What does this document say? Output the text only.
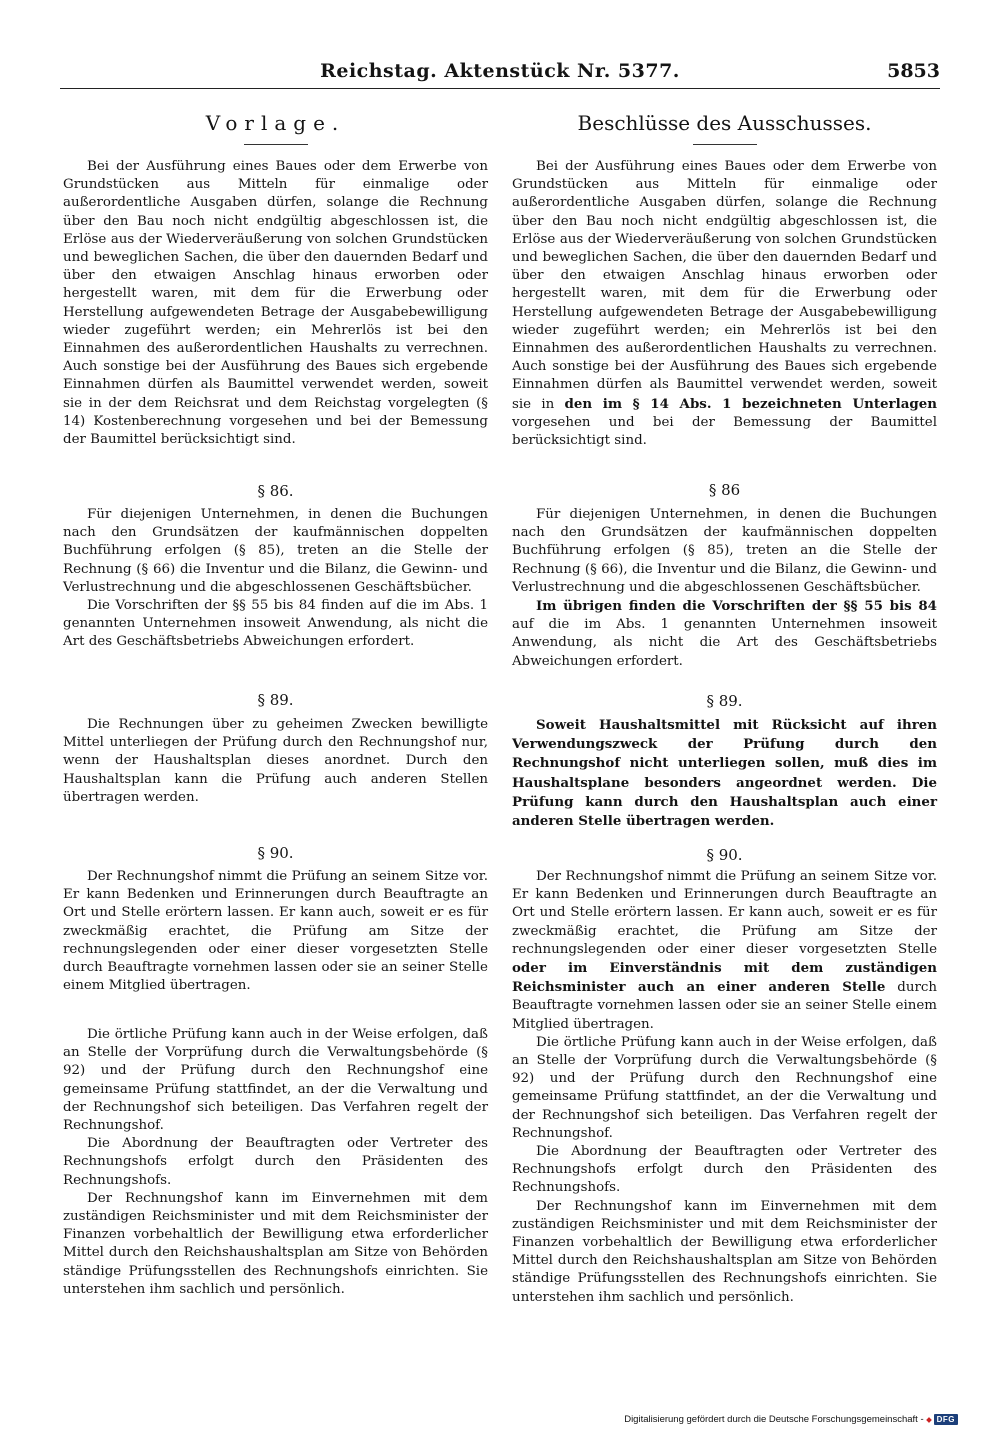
Reichstag. Aktenstück Nr. 5377.	5853
Vorlage.

Bei der Ausführung eines Baues oder dem Erwerbe von Grundstücken aus Mitteln für einmalige oder außerordentliche Ausgaben dürfen, solange die Rechnung über den Bau noch nicht endgültig abgeschlossen ist, die Erlöse aus der Wiederveräußerung von solchen Grundstücken und beweglichen Sachen, die über den dauernden Bedarf und über den etwaigen Anschlag hinaus erworben oder hergestellt waren, mit dem für die Erwerbung oder Herstellung aufgewendeten Betrage der Ausgabebewilligung wieder zugeführt werden; ein Mehrerlös ist bei den Einnahmen des außerordentlichen Haushalts zu verrechnen. Auch sonstige bei der Ausführung des Baues sich ergebende Einnahmen dürfen als Baumittel verwendet werden, soweit sie in der dem Reichsrat und dem Reichstag vorgelegten (§ 14) Kostenberechnung vorgesehen und bei der Bemessung der Baumittel berücksichtigt sind.

§ 86.

Für diejenigen Unternehmen, in denen die Buchungen nach den Grundsätzen der kaufmännischen doppelten Buchführung erfolgen (§ 85), treten an die Stelle der Rechnung (§ 66) die Inventur und die Bilanz, die Gewinn- und Verlustrechnung und die abgeschlossenen Geschäftsbücher.

Die Vorschriften der §§ 55 bis 84 finden auf die im Abs. 1 genannten Unternehmen insoweit Anwendung, als nicht die Art des Geschäftsbetriebs Abweichungen erfordert.

§ 89.

Die Rechnungen über zu geheimen Zwecken bewilligte Mittel unterliegen der Prüfung durch den Rechnungshof nur, wenn der Haushaltsplan dieses anordnet. Durch den Haushaltsplan kann die Prüfung auch anderen Stellen übertragen werden.

§ 90.

Der Rechnungshof nimmt die Prüfung an seinem Sitze vor. Er kann Bedenken und Erinnerungen durch Beauftragte an Ort und Stelle erörtern lassen. Er kann auch, soweit er es für zweckmäßig erachtet, die Prüfung am Sitze der rechnungslegenden oder einer dieser vorgesetzten Stelle durch Beauftragte vornehmen lassen oder sie an seiner Stelle einem Mitglied übertragen.

Die örtliche Prüfung kann auch in der Weise erfolgen, daß an Stelle der Vorprüfung durch die Verwaltungsbehörde (§ 92) und der Prüfung durch den Rechnungshof eine gemeinsame Prüfung stattfindet, an der die Verwaltung und der Rechnungshof sich beteiligen. Das Verfahren regelt der Rechnungshof.

Die Abordnung der Beauftragten oder Vertreter des Rechnungshofs erfolgt durch den Präsidenten des Rechnungshofs.

Der Rechnungshof kann im Einvernehmen mit dem zuständigen Reichsminister und mit dem Reichsminister der Finanzen vorbehaltlich der Bewilligung etwa erforderlicher Mittel durch den Reichshaushaltsplan am Sitze von Behörden ständige Prüfungsstellen des Rechnungshofs einrichten. Sie unterstehen ihm sachlich und persönlich.

Beschlüsse des Ausschusses.

Bei der Ausführung eines Baues oder dem Erwerbe von Grundstücken aus Mitteln für einmalige oder außerordentliche Ausgaben dürfen, solange die Rechnung über den Bau noch nicht endgültig abgeschlossen ist, die Erlöse aus der Wiederveräußerung von solchen Grundstücken und beweglichen Sachen, die über den dauernden Bedarf und über den etwaigen Anschlag hinaus erworben oder hergestellt waren, mit dem für die Erwerbung oder Herstellung aufgewendeten Betrage der Ausgabebewilligung wieder zugeführt werden; ein Mehrerlös ist bei den Einnahmen des außerordentlichen Haushalts zu verrechnen. Auch sonstige bei der Ausführung des Baues sich ergebende Einnahmen dürfen als Baumittel verwendet werden, soweit sie in den im § 14 Abs. 1 bezeichneten Unterlagen vorgesehen und bei der Bemessung der Baumittel berücksichtigt sind.

§ 86

Für diejenigen Unternehmen, in denen die Buchungen nach den Grundsätzen der kaufmännischen doppelten Buchführung erfolgen (§ 85), treten an die Stelle der Rechnung (§ 66), die Inventur und die Bilanz, die Gewinn- und Verlustrechnung und die abgeschlossenen Geschäftsbücher.

Im übrigen finden die Vorschriften der §§ 55 bis 84 auf die im Abs. 1 genannten Unternehmen insoweit Anwendung, als nicht die Art des Geschäftsbetriebs Abweichungen erfordert.

§ 89.

Soweit Haushaltsmittel mit Rücksicht auf ihren Verwendungszweck der Prüfung durch den Rechnungshof nicht unterliegen sollen, muß dies im Haushaltsplane besonders angeordnet werden. Die Prüfung kann durch den Haushaltsplan auch einer anderen Stelle übertragen werden.

§ 90.

Der Rechnungshof nimmt die Prüfung an seinem Sitze vor. Er kann Bedenken und Erinnerungen durch Beauftragte an Ort und Stelle erörtern lassen. Er kann auch, soweit er es für zweckmäßig erachtet, die Prüfung am Sitze der rechnungslegenden oder einer dieser vorgesetzten Stelle oder im Einverständnis mit dem zuständigen Reichsminister auch an einer anderen Stelle durch Beauftragte vornehmen lassen oder sie an seiner Stelle einem Mitglied übertragen.

Die örtliche Prüfung kann auch in der Weise erfolgen, daß an Stelle der Vorprüfung durch die Verwaltungsbehörde (§ 92) und der Prüfung durch den Rechnungshof eine gemeinsame Prüfung stattfindet, an der die Verwaltung und der Rechnungshof sich beteiligen. Das Verfahren regelt der Rechnungshof.

Die Abordnung der Beauftragten oder Vertreter des Rechnungshofs erfolgt durch den Präsidenten des Rechnungshofs.

Der Rechnungshof kann im Einvernehmen mit dem zuständigen Reichsminister und mit dem Reichsminister der Finanzen vorbehaltlich der Bewilligung etwa erforderlicher Mittel durch den Reichshaushaltsplan am Sitze von Behörden ständige Prüfungsstellen des Rechnungshofs einrichten. Sie unterstehen ihm sachlich und persönlich.

Digitalisierung gefördert durch die Deutsche Forschungsgemeinschaft -	DFG
